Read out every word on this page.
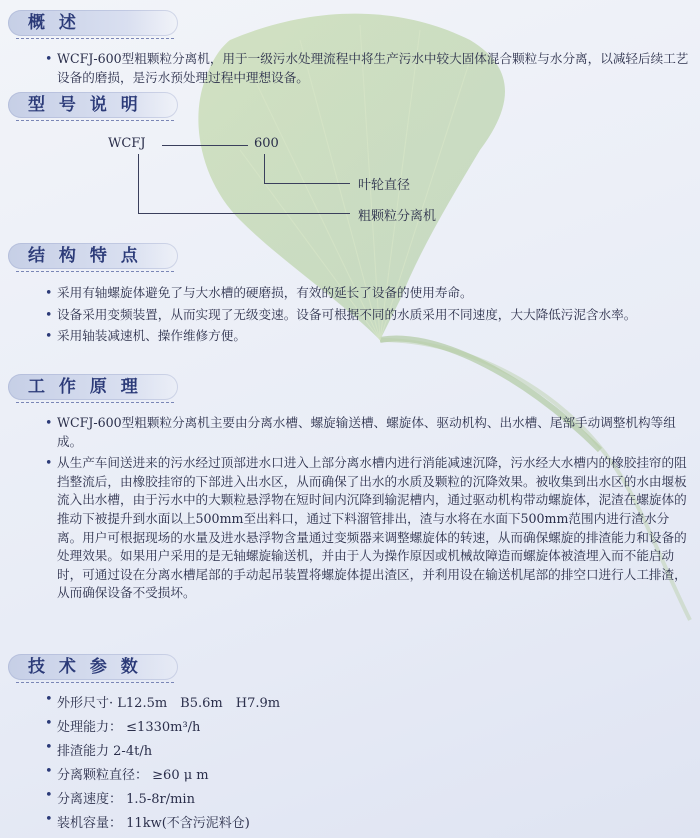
概 述
• WCFJ-600型粗颗粒分离机，用于一级污水处理流程中将生产污水中较大固体混合颗粒与水分离，以减轻后续工艺设备的磨损，是污水预处理过程中理想设备。
型 号 说 明
WCFJ	600
叶轮直径
粗颗粒分离机
结 构 特 点
• 采用有轴螺旋体避免了与大水槽的硬磨损，有效的延长了设备的使用寿命。
• 设备采用变频装置，从而实现了无级变速。设备可根据不同的水质采用不同速度，大大降低污泥含水率。
• 采用轴装减速机、操作维修方便。
工 作 原 理
• WCFJ-600型粗颗粒分离机主要由分离水槽、螺旋输送槽、螺旋体、驱动机构、出水槽、尾部手动调整机构等组成。
• 从生产车间送进来的污水经过顶部进水口进入上部分离水槽内进行消能减速沉降，污水经大水槽内的橡胶挂帘的阻挡整流后，由橡胶挂帘的下部进入出水区，从而确保了出水的水质及颗粒的沉降效果。被收集到出水区的水由堰板流入出水槽，由于污水中的大颗粒悬浮物在短时间内沉降到输泥槽内，通过驱动机构带动螺旋体，泥渣在螺旋体的推动下被提升到水面以上500mm至出料口，通过下料溜管排出，渣与水将在水面下500mm范围内进行渣水分离。用户可根据现场的水量及进水悬浮物含量通过变频器来调整螺旋体的转速，从而确保螺旋的排渣能力和设备的处理效果。如果用户采用的是无轴螺旋输送机，并由于人为操作原因或机械故障造而螺旋体被渣埋入而不能启动时，可通过设在分离水槽尾部的手动起吊装置将螺旋体提出渣区，并利用设在输送机尾部的排空口进行人工排渣，从而确保设备不受损坏。
技 术 参 数
• 外形尺寸· L12.5m　B5.6m　H7.9m
• 处理能力： ≤1330m³/h
• 排渣能力 2-4t/h
• 分离颗粒直径： ≥60 μ m
• 分离速度： 1.5-8r/min
• 装机容量： 11kw(不含污泥料仓)
